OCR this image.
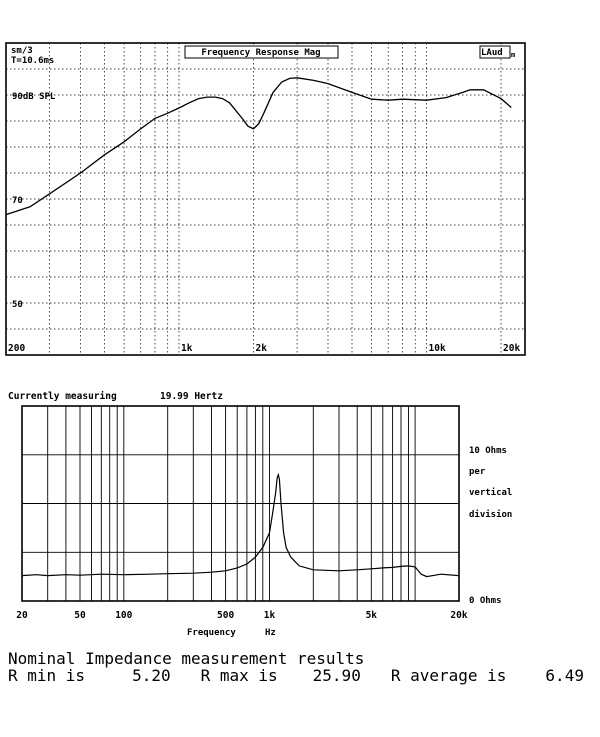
sm/3
T=10.6ms
Frequency Response Mag	LAud m
90dB SPL
70
50
200	1k	2k	10k	20k
Currently measuring	19.99 Hertz
10 Ohms
per
vertical
division
0 Ohms
20	50	100	500	1k	5k	20k
Frequency	Hz
Nominal Impedance measurement results
R min is	5.20 R max is 25.90 R average is 6.49
